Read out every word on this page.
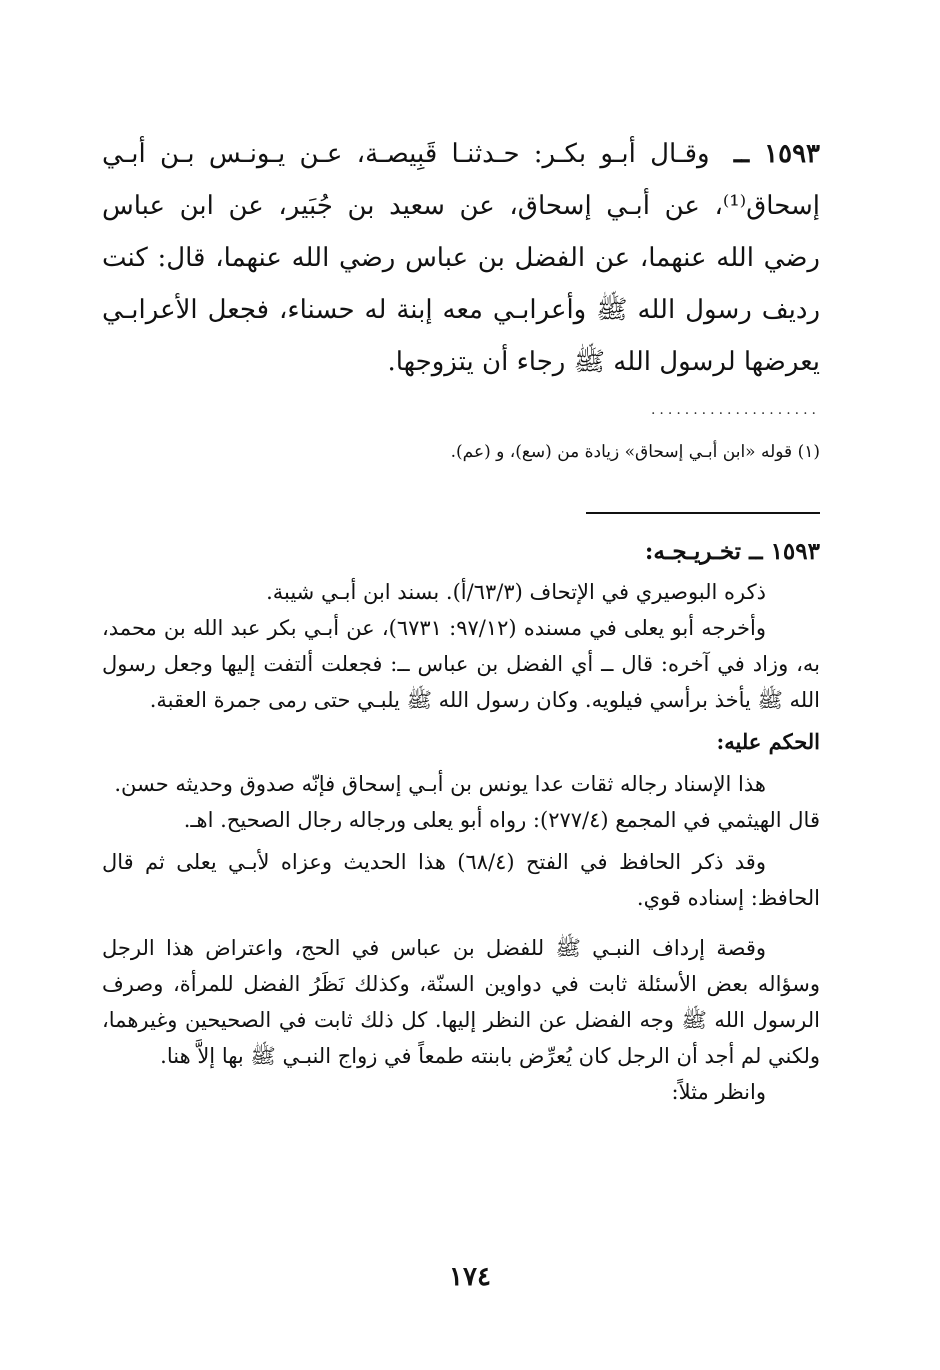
١٥٩٣ ــ وقـال أبـو بكـر: حـدثنـا قَبِيصـة، عـن يـونـس بـن أبـي إسحاق⁽¹⁾، عن أبـي إسحاق، عن سعيد بن جُبَير، عن ابن عباس رضي الله عنهما، عن الفضل بن عباس رضي الله عنهما، قال: كنت رديف رسول الله ﷺ وأعرابـي معه إبنة له حسناء، فجعل الأعرابـي يعرضها لرسول الله ﷺ رجاء أن يتزوجها.

....................
(١) قوله «ابن أبـي إسحاق» زيادة من (سع)، و (عم).

١٥٩٣ ــ تخـريـجـه:

ذكره البوصيري في الإتحاف (٦٣/٣/أ). بسند ابن أبـي شيبة.

وأخرجه أبو يعلى في مسنده (٩٧/١٢: ٦٧٣١)، عن أبـي بكر عبد الله بن محمد، به، وزاد في آخره: قال ــ أي الفضل بن عباس ــ: فجعلت ألتفت إليها وجعل رسول الله ﷺ يأخذ برأسي فيلويه. وكان رسول الله ﷺ يلبـي حتى رمى جمرة العقبة.

الحكم عليه:

هذا الإسناد رجاله ثقات عدا يونس بن أبـي إسحاق فإنّه صدوق وحديثه حسن.

قال الهيثمي في المجمع (٢٧٧/٤): رواه أبو يعلى ورجاله رجال الصحيح. اهـ.

وقد ذكر الحافظ في الفتح (٦٨/٤) هذا الحديث وعزاه لأبـي يعلى ثم قال الحافظ: إسناده قوي.

وقصة إرداف النبـي ﷺ للفضل بن عباس في الحج، واعتراض هذا الرجل وسؤاله بعض الأسئلة ثابت في دواوين السنّة، وكذلك نَظَرُ الفضل للمرأة، وصرف الرسول الله ﷺ وجه الفضل عن النظر إليها. كل ذلك ثابت في الصحيحين وغيرهما، ولكني لم أجد أن الرجل كان يُعرِّض بابنته طمعاً في زواج النبـي ﷺ بها إلاَّ هنا.

وانظر مثلاً:

١٧٤
